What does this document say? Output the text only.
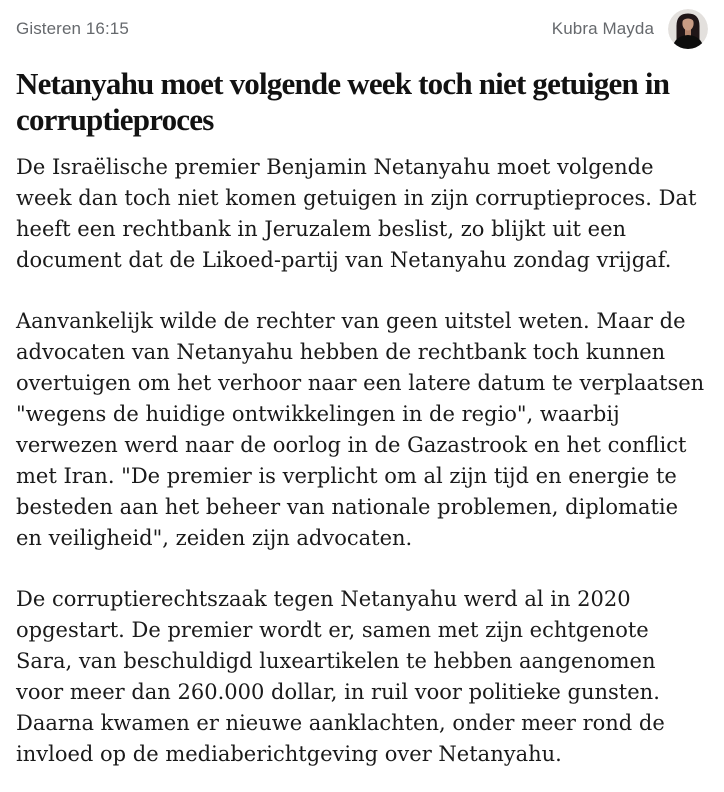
Gisteren 16:15	Kubra Mayda
Netanyahu moet volgende week toch niet getuigen in corruptieproces

De Israëlische premier Benjamin Netanyahu moet volgende week dan toch niet komen getuigen in zijn corruptieproces. Dat heeft een rechtbank in Jeruzalem beslist, zo blijkt uit een document dat de Likoed-partij van Netanyahu zondag vrijgaf.

Aanvankelijk wilde de rechter van geen uitstel weten. Maar de advocaten van Netanyahu hebben de rechtbank toch kunnen overtuigen om het verhoor naar een latere datum te verplaatsen "wegens de huidige ontwikkelingen in de regio", waarbij verwezen werd naar de oorlog in de Gazastrook en het conflict met Iran. "De premier is verplicht om al zijn tijd en energie te besteden aan het beheer van nationale problemen, diplomatie en veiligheid", zeiden zijn advocaten.

De corruptierechtszaak tegen Netanyahu werd al in 2020 opgestart. De premier wordt er, samen met zijn echtgenote Sara, van beschuldigd luxeartikelen te hebben aangenomen voor meer dan 260.000 dollar, in ruil voor politieke gunsten. Daarna kwamen er nieuwe aanklachten, onder meer rond de invloed op de mediaberichtgeving over Netanyahu.
